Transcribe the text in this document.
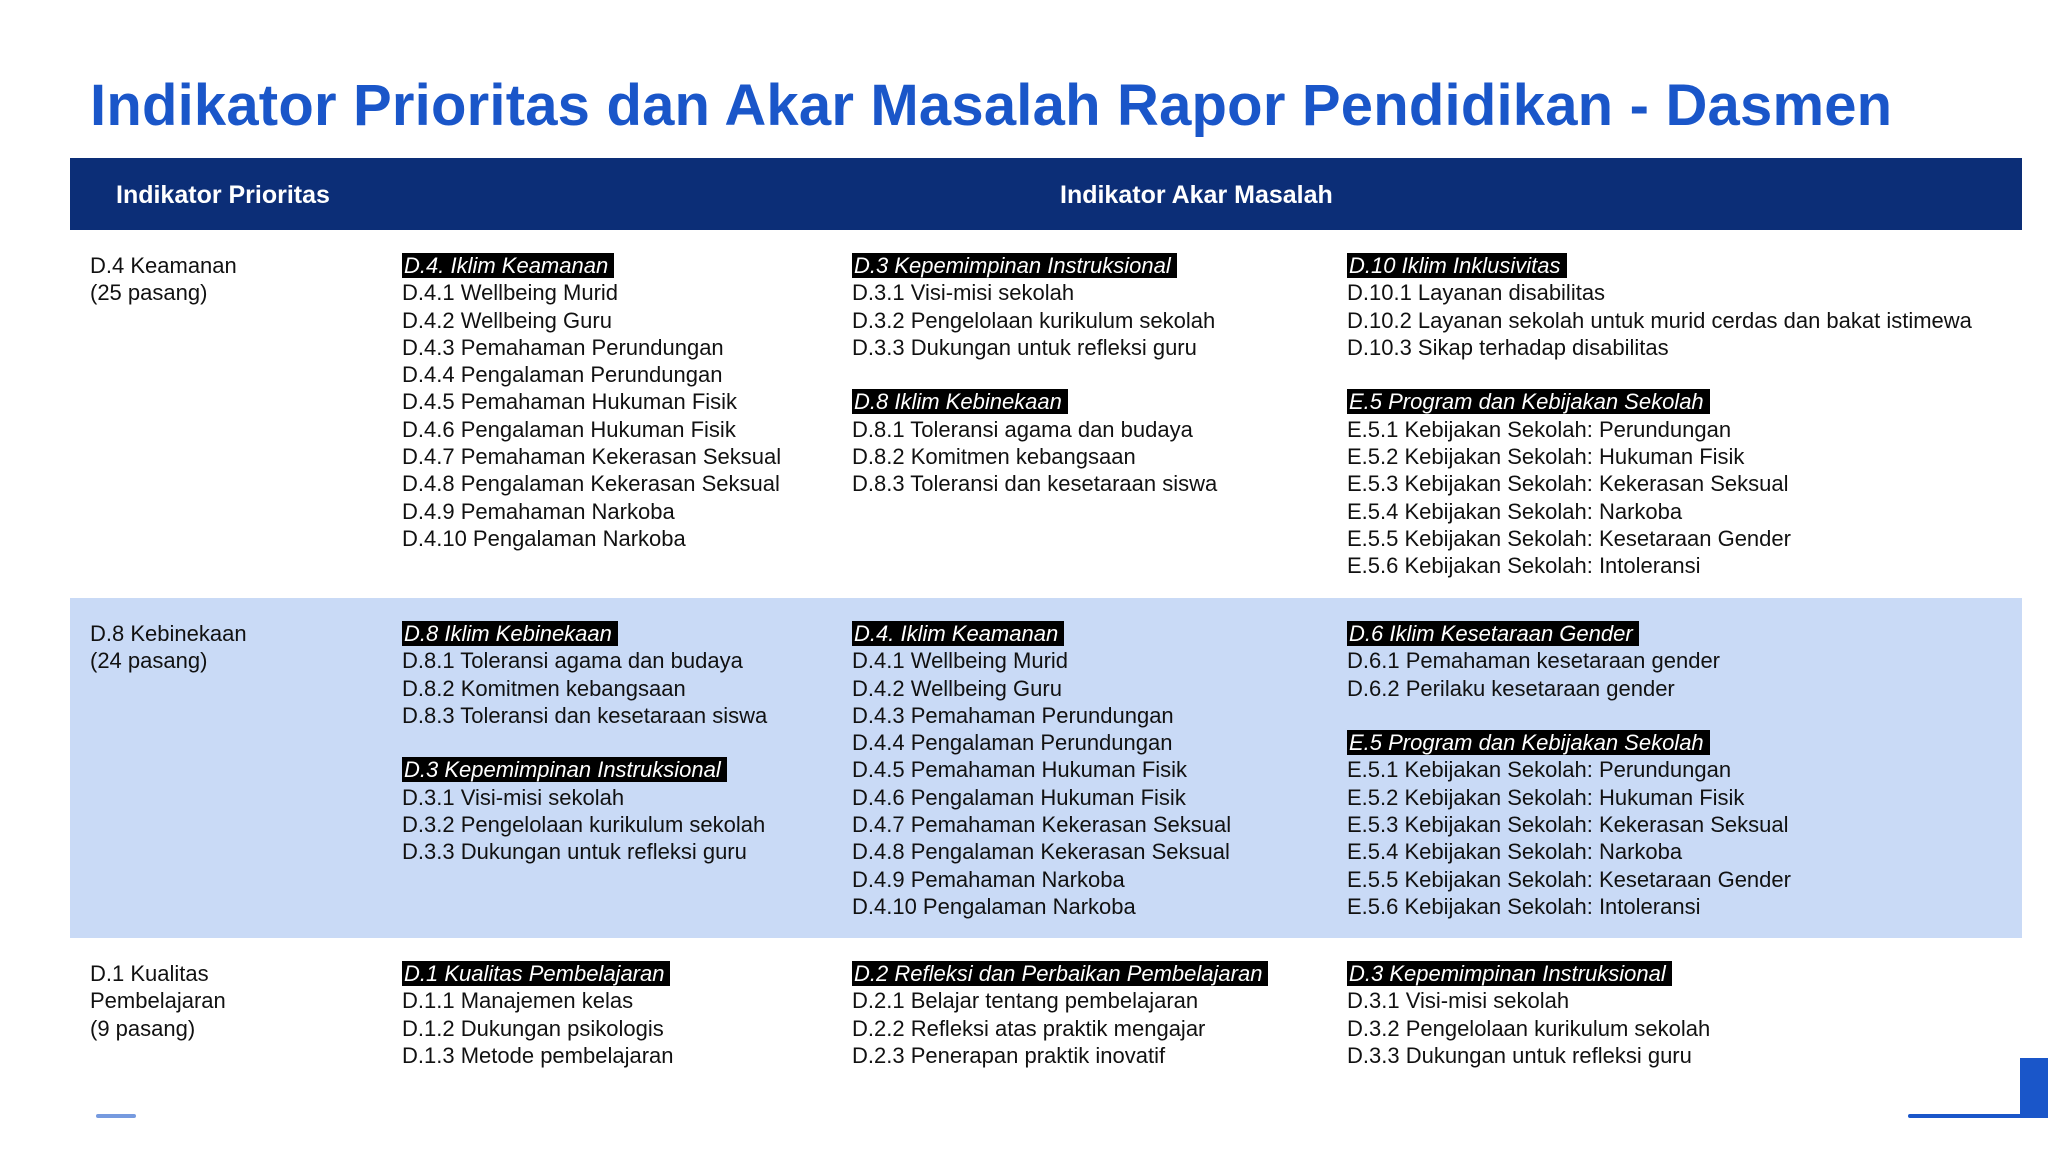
Indikator Prioritas dan Akar Masalah Rapor Pendidikan - Dasmen
Indikator Prioritas	Indikator Akar Masalah
D.4 Keamanan
(25 pasang)
D.4. Iklim Keamanan
D.4.1 Wellbeing Murid
D.4.2 Wellbeing Guru
D.4.3 Pemahaman Perundungan
D.4.4 Pengalaman Perundungan
D.4.5 Pemahaman Hukuman Fisik
D.4.6 Pengalaman Hukuman Fisik
D.4.7 Pemahaman Kekerasan Seksual
D.4.8 Pengalaman Kekerasan Seksual
D.4.9 Pemahaman Narkoba
D.4.10 Pengalaman Narkoba
D.3 Kepemimpinan Instruksional
D.3.1 Visi-misi sekolah
D.3.2 Pengelolaan kurikulum sekolah
D.3.3 Dukungan untuk refleksi guru
D.8 Iklim Kebinekaan
D.8.1 Toleransi agama dan budaya
D.8.2 Komitmen kebangsaan
D.8.3 Toleransi dan kesetaraan siswa
D.10 Iklim Inklusivitas
D.10.1 Layanan disabilitas
D.10.2 Layanan sekolah untuk murid cerdas dan bakat istimewa
D.10.3 Sikap terhadap disabilitas
E.5 Program dan Kebijakan Sekolah
E.5.1 Kebijakan Sekolah: Perundungan
E.5.2 Kebijakan Sekolah: Hukuman Fisik
E.5.3 Kebijakan Sekolah: Kekerasan Seksual
E.5.4 Kebijakan Sekolah: Narkoba
E.5.5 Kebijakan Sekolah: Kesetaraan Gender
E.5.6 Kebijakan Sekolah: Intoleransi
D.8 Kebinekaan
(24 pasang)
D.8 Iklim Kebinekaan
D.8.1 Toleransi agama dan budaya
D.8.2 Komitmen kebangsaan
D.8.3 Toleransi dan kesetaraan siswa
D.3 Kepemimpinan Instruksional
D.3.1 Visi-misi sekolah
D.3.2 Pengelolaan kurikulum sekolah
D.3.3 Dukungan untuk refleksi guru
D.4. Iklim Keamanan
D.4.1 Wellbeing Murid
D.4.2 Wellbeing Guru
D.4.3 Pemahaman Perundungan
D.4.4 Pengalaman Perundungan
D.4.5 Pemahaman Hukuman Fisik
D.4.6 Pengalaman Hukuman Fisik
D.4.7 Pemahaman Kekerasan Seksual
D.4.8 Pengalaman Kekerasan Seksual
D.4.9 Pemahaman Narkoba
D.4.10 Pengalaman Narkoba
D.6 Iklim Kesetaraan Gender
D.6.1 Pemahaman kesetaraan gender
D.6.2 Perilaku kesetaraan gender
E.5 Program dan Kebijakan Sekolah
E.5.1 Kebijakan Sekolah: Perundungan
E.5.2 Kebijakan Sekolah: Hukuman Fisik
E.5.3 Kebijakan Sekolah: Kekerasan Seksual
E.5.4 Kebijakan Sekolah: Narkoba
E.5.5 Kebijakan Sekolah: Kesetaraan Gender
E.5.6 Kebijakan Sekolah: Intoleransi
D.1 Kualitas
Pembelajaran
(9 pasang)
D.1 Kualitas Pembelajaran
D.1.1 Manajemen kelas
D.1.2 Dukungan psikologis
D.1.3 Metode pembelajaran
D.2 Refleksi dan Perbaikan Pembelajaran
D.2.1 Belajar tentang pembelajaran
D.2.2 Refleksi atas praktik mengajar
D.2.3 Penerapan praktik inovatif
D.3 Kepemimpinan Instruksional
D.3.1 Visi-misi sekolah
D.3.2 Pengelolaan kurikulum sekolah
D.3.3 Dukungan untuk refleksi guru
